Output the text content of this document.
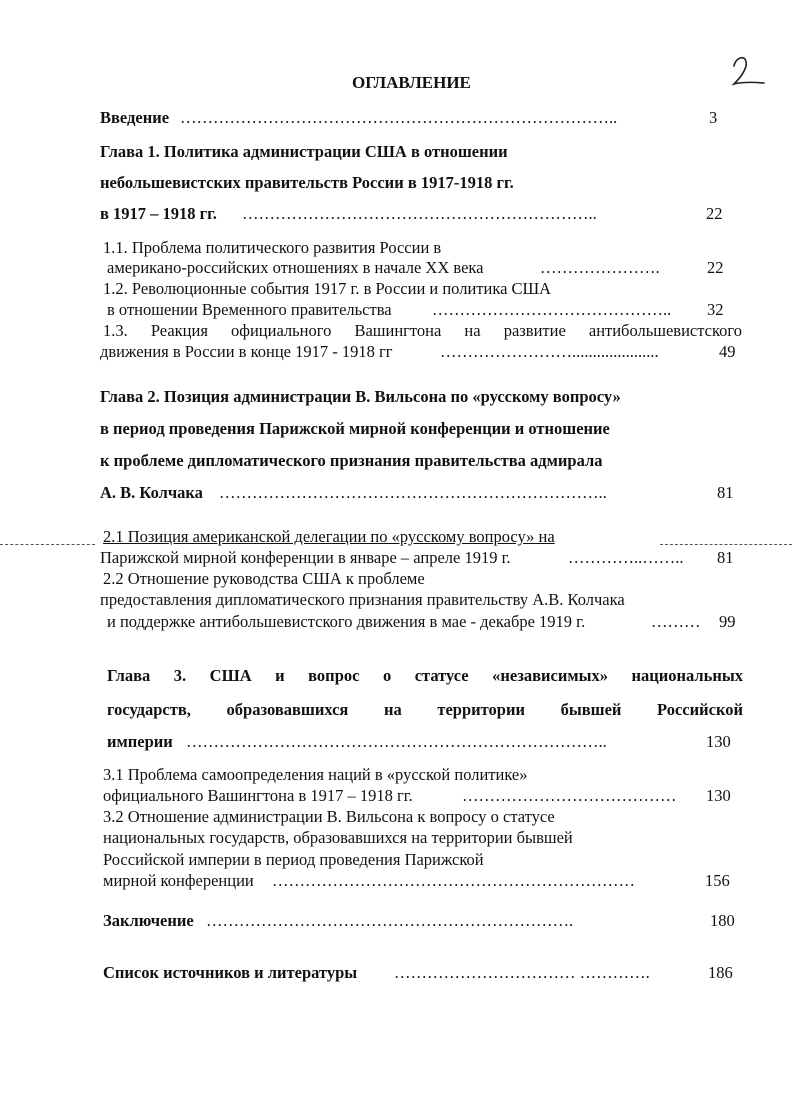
ОГЛАВЛЕНИЕ
Введение ……………………………………………………………………..	3
Глава 1. Политика администрации США в отношении
небольшевистских правительств России в 1917-1918 гг.
в 1917 – 1918 гг. ………………………………………………………..	22
1.1. Проблема политического развития России в
американо-российских отношениях в начале XX века	………………….	22
1.2. Революционные события 1917 г. в России и политика США
в отношении Временного правительства …………………………………….. 32
1.3. Реакция официального Вашингтона на развитие антибольшевистского
движения в России в конце 1917 - 1918 гг	…………………….....................	49
Глава 2. Позиция администрации В. Вильсона по «русскому вопросу»
в период проведения Парижской мирной конференции и отношение
к проблеме дипломатического признания правительства адмирала
А. В. Колчака ……………………………………………………………..	81
2.1 Позиция американской делегации по «русскому вопросу» на
Парижской мирной конференции в январе – апреле 1919 г.	…………..…….. 81
2.2 Отношение руководства США к проблеме
предоставления дипломатического признания правительству А.В. Колчака
и поддержке антибольшевистского движения в мае - декабре 1919 г.	……… 99
Глава 3. США и вопрос о статусе «независимых» национальных
государств, образовавшихся на территории бывшей Российской
империи …………………………………………………………………..	130
3.1 Проблема самоопределения наций в «русской политике»
официального Вашингтона в 1917 – 1918 гг.	………………………………… 130
3.2 Отношение администрации В. Вильсона к вопросу о статусе
национальных государств, образовавшихся на территории бывшей
Российской империи в период проведения Парижской
мирной конференции …………………………………………………………	156
Заключение ………………………………………………………….	180
Список источников и литературы …………………………… ………….	186
